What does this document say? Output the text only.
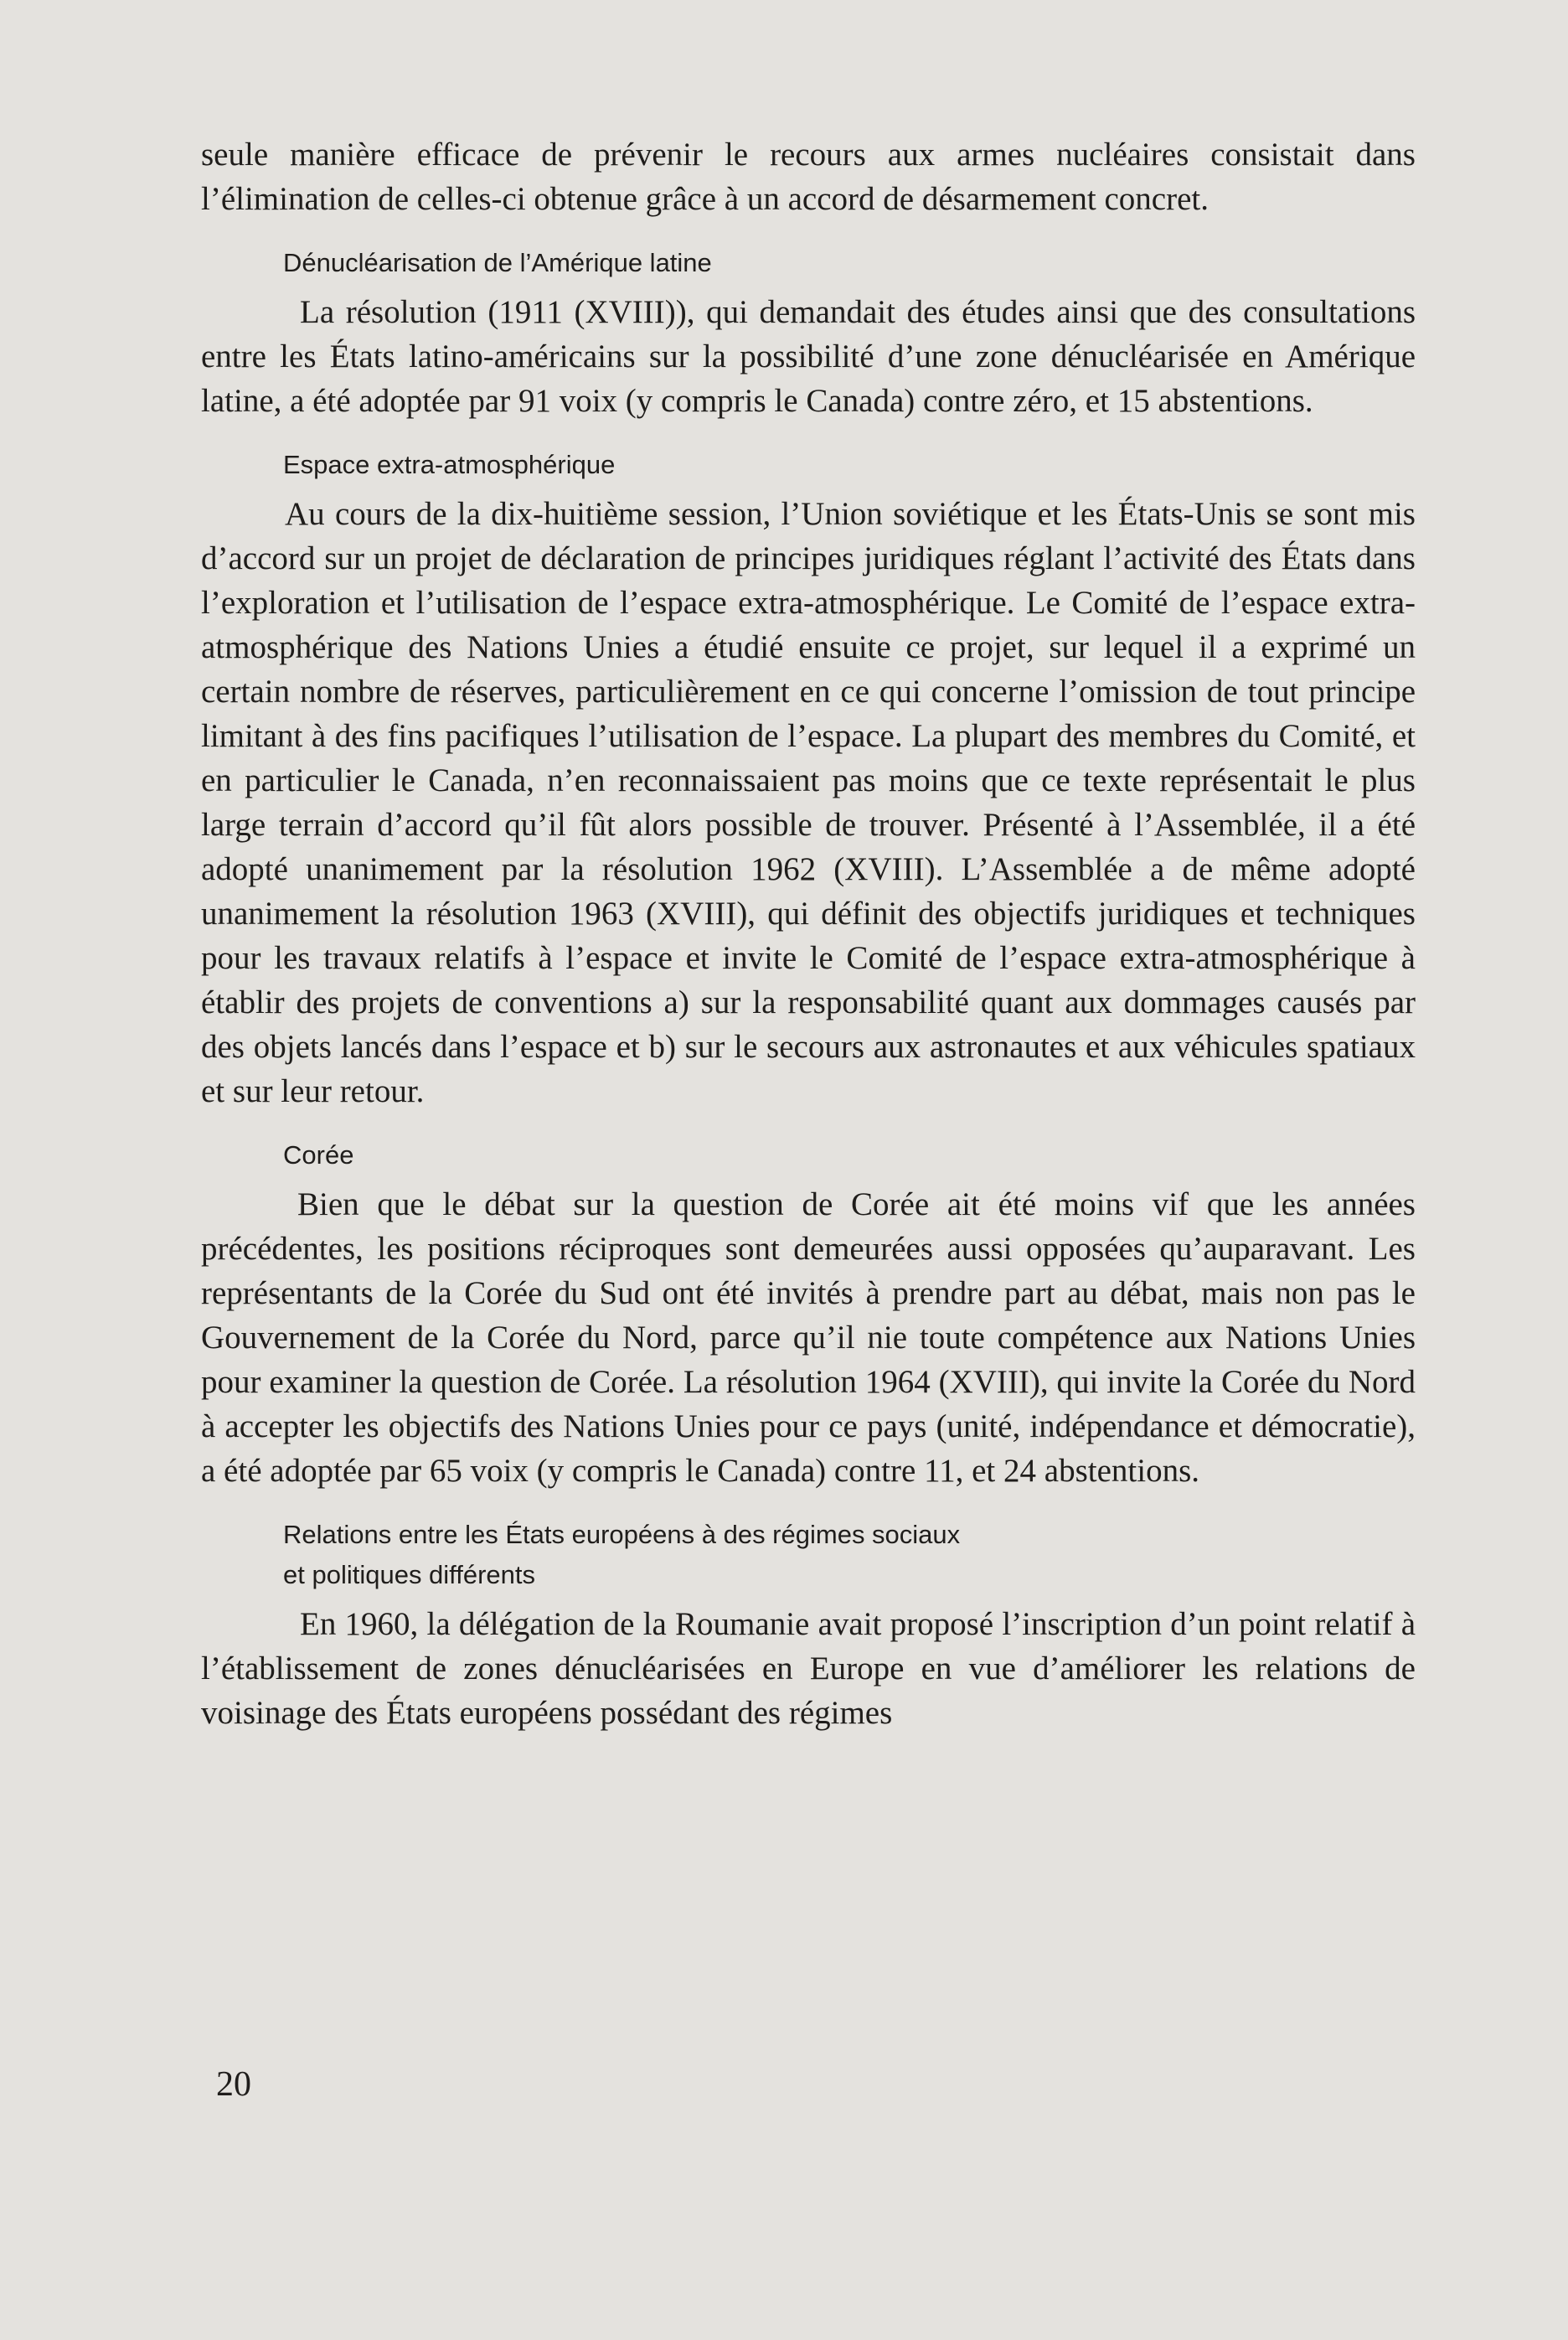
seule manière efficace de prévenir le recours aux armes nucléaires consistait dans l’élimination de celles-ci obtenue grâce à un accord de désarmement concret.

Dénucléarisation de l’Amérique latine

La résolution (1911 (XVIII)), qui demandait des études ainsi que des consultations entre les États latino-américains sur la possibilité d’une zone dénucléarisée en Amérique latine, a été adoptée par 91 voix (y compris le Canada) contre zéro, et 15 abstentions.

Espace extra-atmosphérique

Au cours de la dix-huitième session, l’Union soviétique et les États-Unis se sont mis d’accord sur un projet de déclaration de principes juridiques réglant l’activité des États dans l’exploration et l’utilisation de l’espace extra-atmosphérique. Le Comité de l’espace extra-atmosphérique des Nations Unies a étudié ensuite ce projet, sur lequel il a exprimé un certain nombre de réserves, particulièrement en ce qui concerne l’omission de tout principe limitant à des fins pacifiques l’utilisation de l’espace. La plupart des membres du Comité, et en particulier le Canada, n’en reconnaissaient pas moins que ce texte représentait le plus large terrain d’accord qu’il fût alors possible de trouver. Présenté à l’Assemblée, il a été adopté unanimement par la résolution 1962 (XVIII). L’Assemblée a de même adopté unanimement la résolution 1963 (XVIII), qui définit des objectifs juridiques et techniques pour les travaux relatifs à l’espace et invite le Comité de l’espace extra-atmosphérique à établir des projets de conventions a) sur la responsabilité quant aux dommages causés par des objets lancés dans l’espace et b) sur le secours aux astronautes et aux véhicules spatiaux et sur leur retour.

Corée

Bien que le débat sur la question de Corée ait été moins vif que les années précédentes, les positions réciproques sont demeurées aussi opposées qu’auparavant. Les représentants de la Corée du Sud ont été invités à prendre part au débat, mais non pas le Gouvernement de la Corée du Nord, parce qu’il nie toute compétence aux Nations Unies pour examiner la question de Corée. La résolution 1964 (XVIII), qui invite la Corée du Nord à accepter les objectifs des Nations Unies pour ce pays (unité, indépendance et démocratie), a été adoptée par 65 voix (y compris le Canada) contre 11, et 24 abstentions.

Relations entre les États européens à des régimes sociaux
et politiques différents

En 1960, la délégation de la Roumanie avait proposé l’inscription d’un point relatif à l’établissement de zones dénucléarisées en Europe en vue d’améliorer les relations de voisinage des États européens possédant des régimes

20
